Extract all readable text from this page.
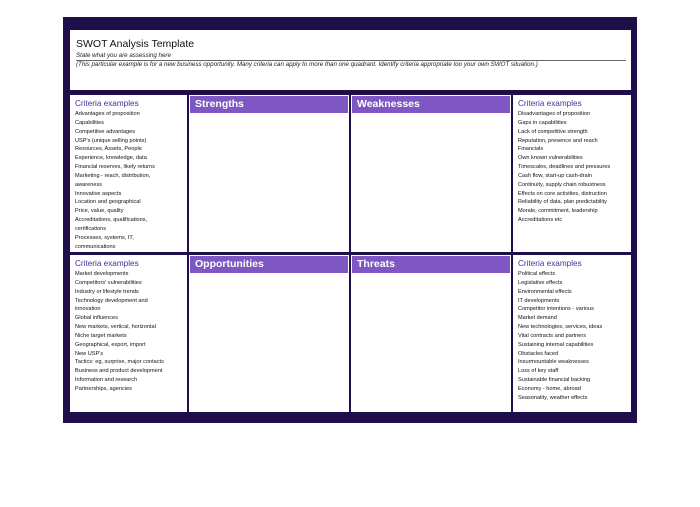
SWOT Analysis Template
State what you are assessing here
(This particular example is for a new business opportunity. Many criteria can apply to more than one quadrant. Identify criteria appropriate too your own SWOT situation.)
Criteria examples
Advantages of proposition
Capabilities
Competitive advantages
USP's (unique selling points)
Resources, Assets, People
Experience, knowledge, data
Financial reserves, likely returns
Marketing - reach, distribution,
awareness
Innovative aspects
Location and geographical
Price, value, quality
Accreditations, qualifications,
certifications
Processes, systems, IT,
communications
Strengths	Weaknesses	Criteria examples
Disadvantages of proposition
Gaps in capabilities
Lack of competitive strength
Reputation, presence and reach
Financials
Own known vulnerabilities
Timescales, deadlines and pressures
Cash flow, start-up cash-drain
Continuity, supply chain robustness
Effects on core activities, distruction
Reliability of data, plan predictability
Morale, commitment, leadership
Accreditations etc
Criteria examples
Market developments
Competitors' vulnerabilities
Industry or lifestyle trends
Technology development and
innovation
Global influences
New markets, vertical, horizontal
Niche target markets
Geographical, export, import
New USP's
Tactics: eg, surprise, major contacts
Business and product development
Information and research
Partnerships, agencies
Opportunities	Threats	Criteria examples
Political effects
Legislative effects
Environmental effects
IT developments
Competitor intentions - various
Market demand
New technologies, services, ideas
Vital contracts and partners
Sustaining internal capabilities
Obstacles faced
Insurmountable weaknesses
Loss of key staff
Sustainable financial backing
Economy - home, abroad
Seasonality, weather effects
